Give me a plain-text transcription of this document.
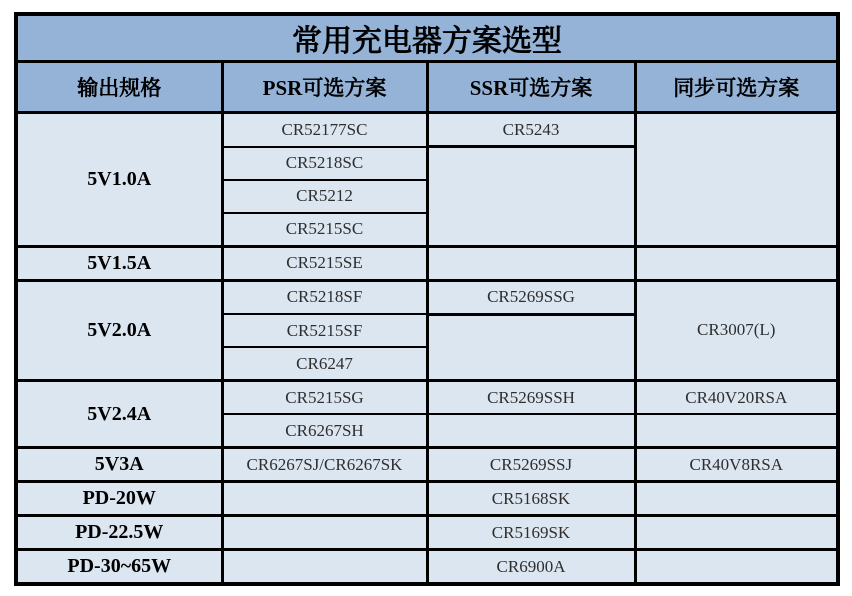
常用充电器方案选型			
输出规格	PSR可选方案	SSR可选方案	同步可选方案
5V1.0A	CR52177SC	CR5243	
	CR5218SC		
	CR5212		
	CR5215SC		
5V1.5A	CR5215SE		
5V2.0A	CR5218SF	CR5269SSG	CR3007(L)
	CR5215SF		
	CR6247		
5V2.4A	CR5215SG	CR5269SSH	CR40V20RSA
	CR6267SH		
5V3A	CR6267SJ/CR6267SK	CR5269SSJ	CR40V8RSA
PD-20W		CR5168SK	
PD-22.5W		CR5169SK	
PD-30~65W		CR6900A	
